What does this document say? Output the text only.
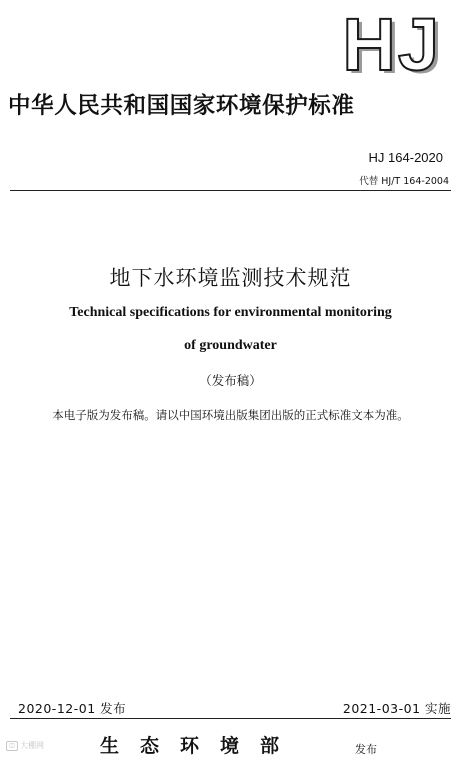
HJ
中华人民共和国国家环境保护标准
HJ 164-2020
代替 HJ/T 164-2004
地下水环境监测技术规范
Technical specifications for environmental monitoring
of groundwater
（发布稿）
本电子版为发布稿。请以中国环境出版集团出版的正式标准文本为准。
2020-12-01 发布	2021-03-01 实施
生态环境部	发布
◫ 大棚网
